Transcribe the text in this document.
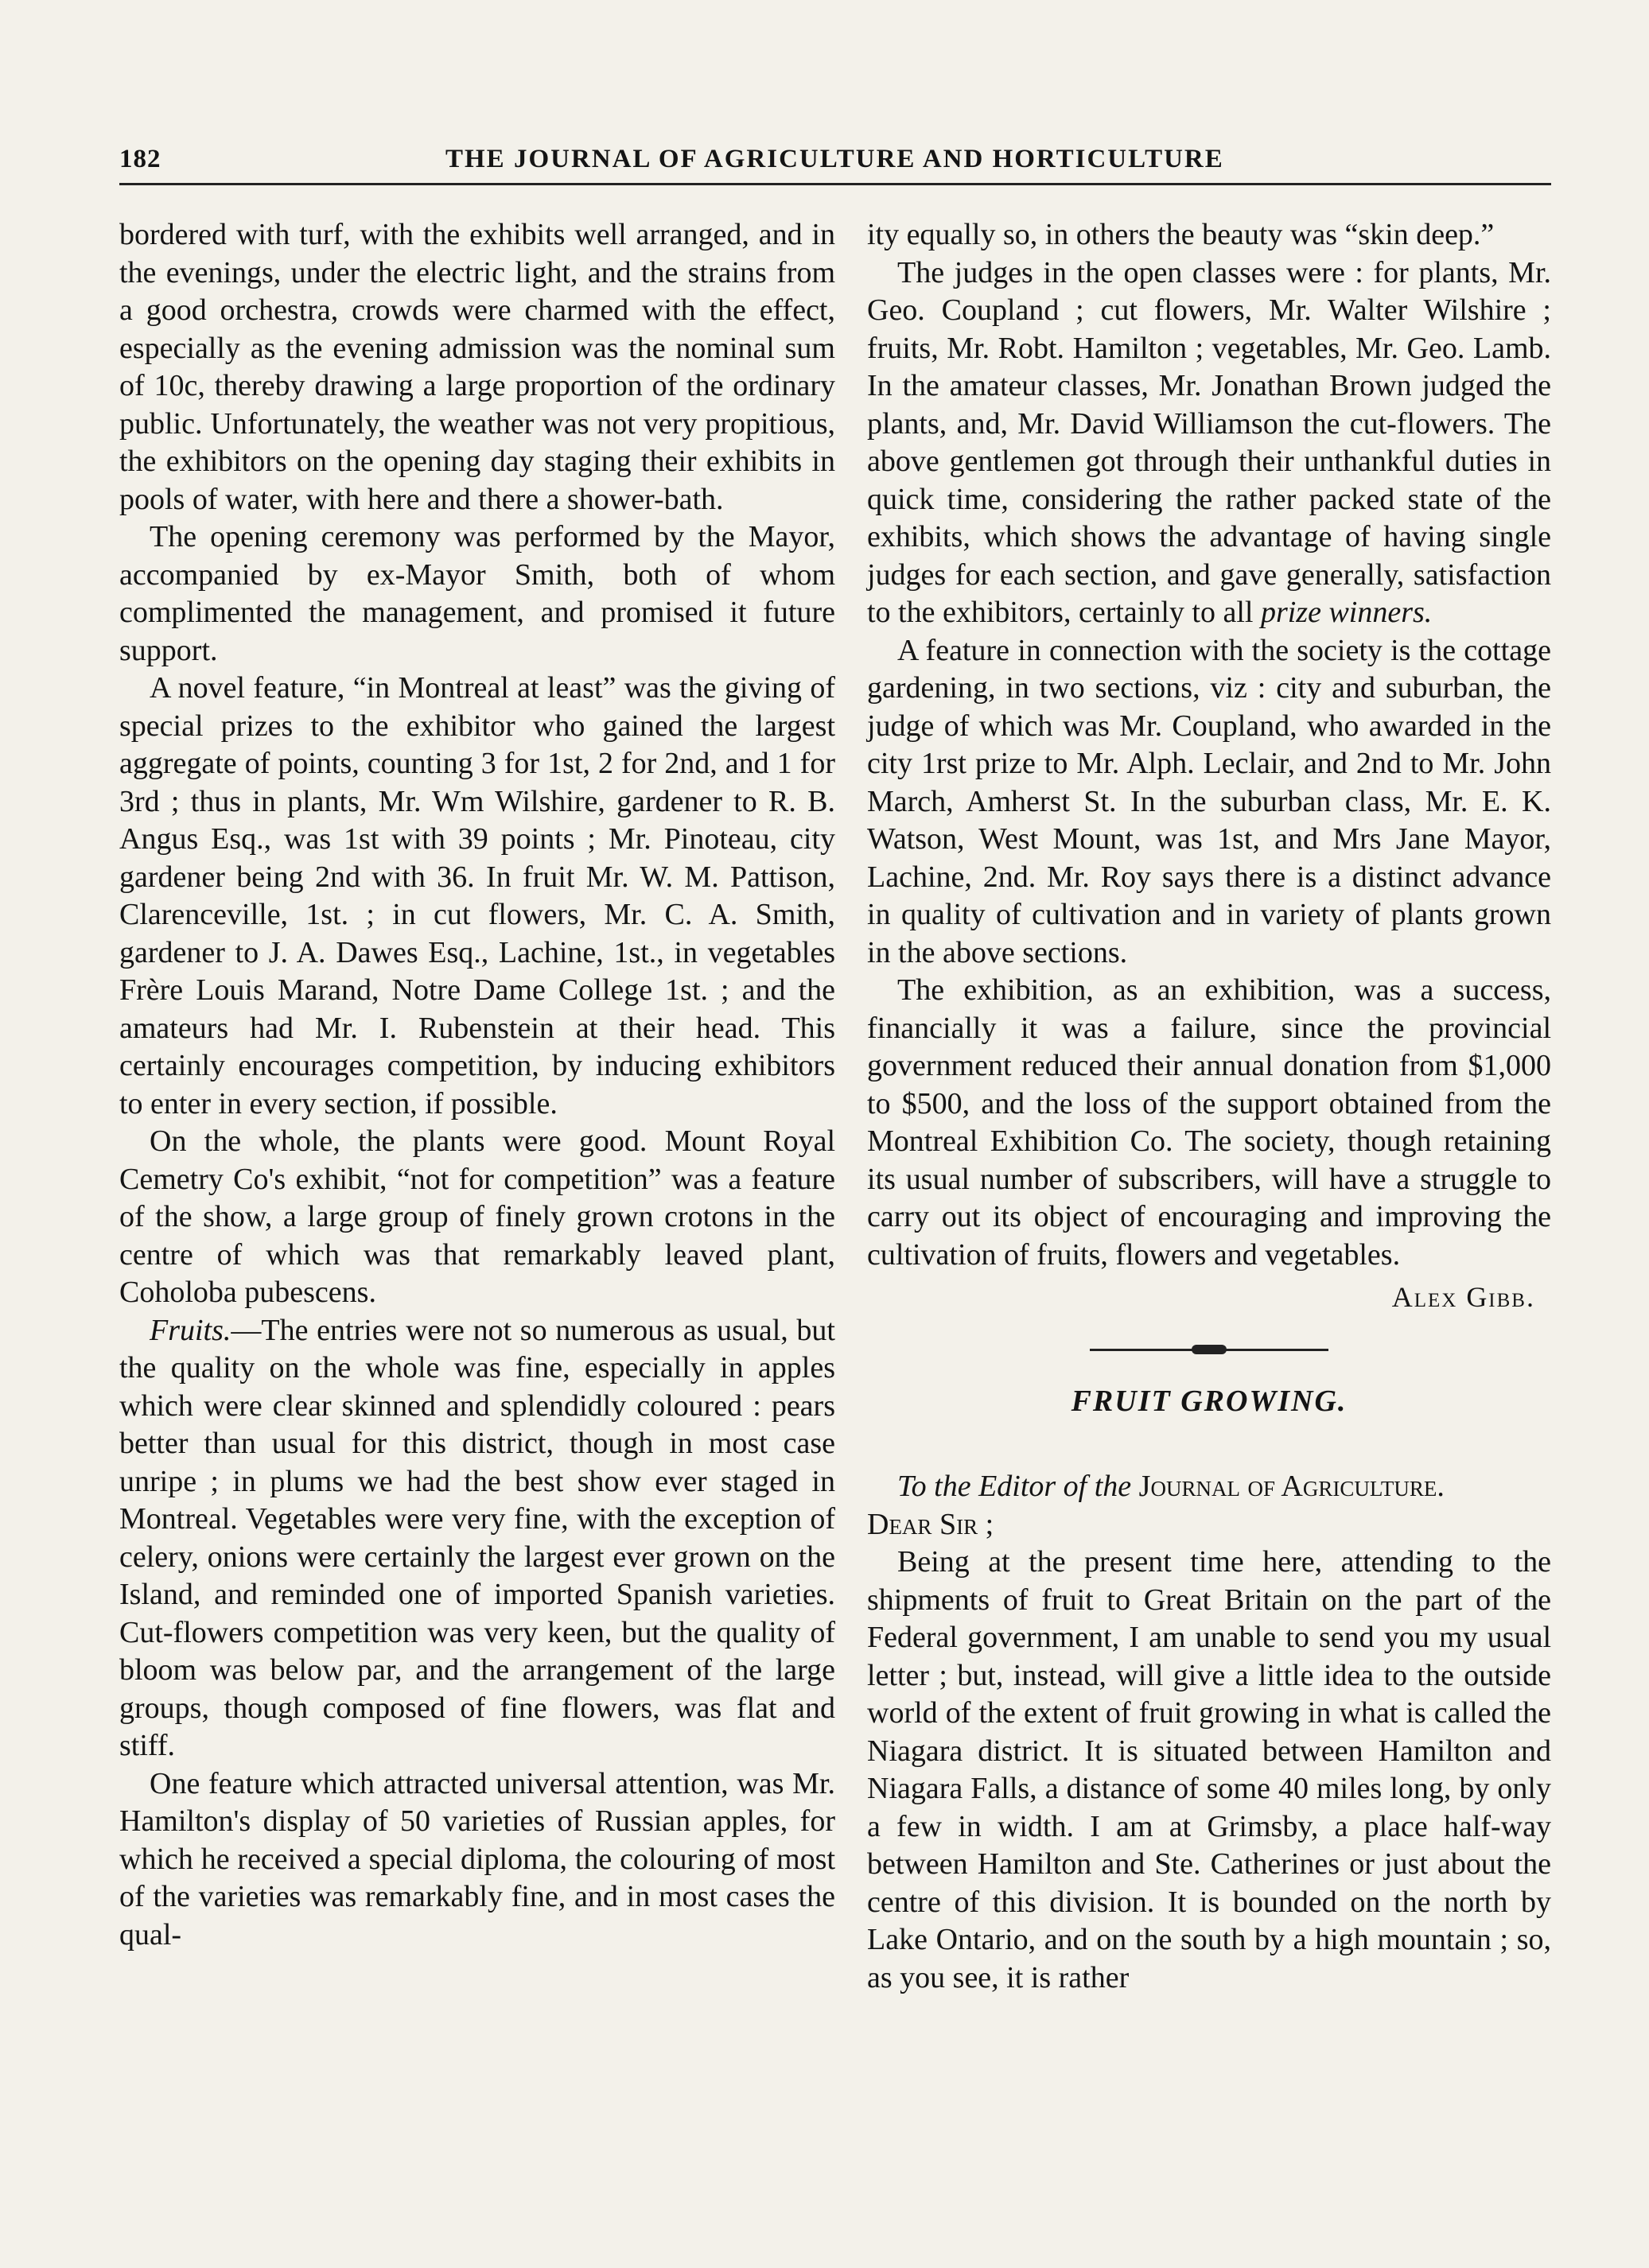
182	THE JOURNAL OF AGRICULTURE AND HORTICULTURE

bordered with turf, with the exhibits well arranged, and in the evenings, under the electric light, and the strains from a good orchestra, crowds were charmed with the effect, especially as the evening admission was the nominal sum of 10c, thereby drawing a large proportion of the ordinary public. Unfortunately, the weather was not very propitious, the exhibitors on the opening day staging their exhibits in pools of water, with here and there a shower-bath.

The opening ceremony was performed by the Mayor, accompanied by ex-Mayor Smith, both of whom complimented the management, and promised it future support.

A novel feature, “in Montreal at least” was the giving of special prizes to the exhibitor who gained the largest aggregate of points, counting 3 for 1st, 2 for 2nd, and 1 for 3rd ; thus in plants, Mr. Wm Wilshire, gardener to R. B. Angus Esq., was 1st with 39 points ; Mr. Pinoteau, city gardener being 2nd with 36. In fruit Mr. W. M. Pattison, Clarenceville, 1st. ; in cut flowers, Mr. C. A. Smith, gardener to J. A. Dawes Esq., Lachine, 1st., in vegetables Frère Louis Marand, Notre Dame College 1st. ; and the amateurs had Mr. I. Rubenstein at their head. This certainly encourages competition, by inducing exhibitors to enter in every section, if possible.

On the whole, the plants were good. Mount Royal Cemetry Co's exhibit, “not for competition” was a feature of the show, a large group of finely grown crotons in the centre of which was that remarkably leaved plant, Coholoba pubescens.

Fruits.—The entries were not so numerous as usual, but the quality on the whole was fine, especially in apples which were clear skinned and splendidly coloured : pears better than usual for this district, though in most case unripe ; in plums we had the best show ever staged in Montreal. Vegetables were very fine, with the exception of celery, onions were certainly the largest ever grown on the Island, and reminded one of imported Spanish varieties. Cut-flowers competition was very keen, but the quality of bloom was below par, and the arrangement of the large groups, though composed of fine flowers, was flat and stiff.

One feature which attracted universal attention, was Mr. Hamilton's display of 50 varieties of Russian apples, for which he received a special diploma, the colouring of most of the varieties was remarkably fine, and in most cases the qual-

ity equally so, in others the beauty was “skin deep.”

The judges in the open classes were : for plants, Mr. Geo. Coupland ; cut flowers, Mr. Walter Wilshire ; fruits, Mr. Robt. Hamilton ; vegetables, Mr. Geo. Lamb. In the amateur classes, Mr. Jonathan Brown judged the plants, and, Mr. David Williamson the cut-flowers. The above gentlemen got through their unthankful duties in quick time, considering the rather packed state of the exhibits, which shows the advantage of having single judges for each section, and gave generally, satisfaction to the exhibitors, certainly to all prize winners.

A feature in connection with the society is the cottage gardening, in two sections, viz : city and suburban, the judge of which was Mr. Coupland, who awarded in the city 1rst prize to Mr. Alph. Leclair, and 2nd to Mr. John March, Amherst St. In the suburban class, Mr. E. K. Watson, West Mount, was 1st, and Mrs Jane Mayor, Lachine, 2nd. Mr. Roy says there is a distinct advance in quality of cultivation and in variety of plants grown in the above sections.

The exhibition, as an exhibition, was a success, financially it was a failure, since the provincial government reduced their annual donation from $1,000 to $500, and the loss of the support obtained from the Montreal Exhibition Co. The society, though retaining its usual number of subscribers, will have a struggle to carry out its object of encouraging and improving the cultivation of fruits, flowers and vegetables.

Alex Gibb.
FRUIT GROWING.

To the Editor of the Journal of Agriculture.

Dear Sir ;

Being at the present time here, attending to the shipments of fruit to Great Britain on the part of the Federal government, I am unable to send you my usual letter ; but, instead, will give a little idea to the outside world of the extent of fruit growing in what is called the Niagara district. It is situated between Hamilton and Niagara Falls, a distance of some 40 miles long, by only a few in width. I am at Grimsby, a place half-way between Hamilton and Ste. Catherines or just about the centre of this division. It is bounded on the north by Lake Ontario, and on the south by a high mountain ; so, as you see, it is rather
